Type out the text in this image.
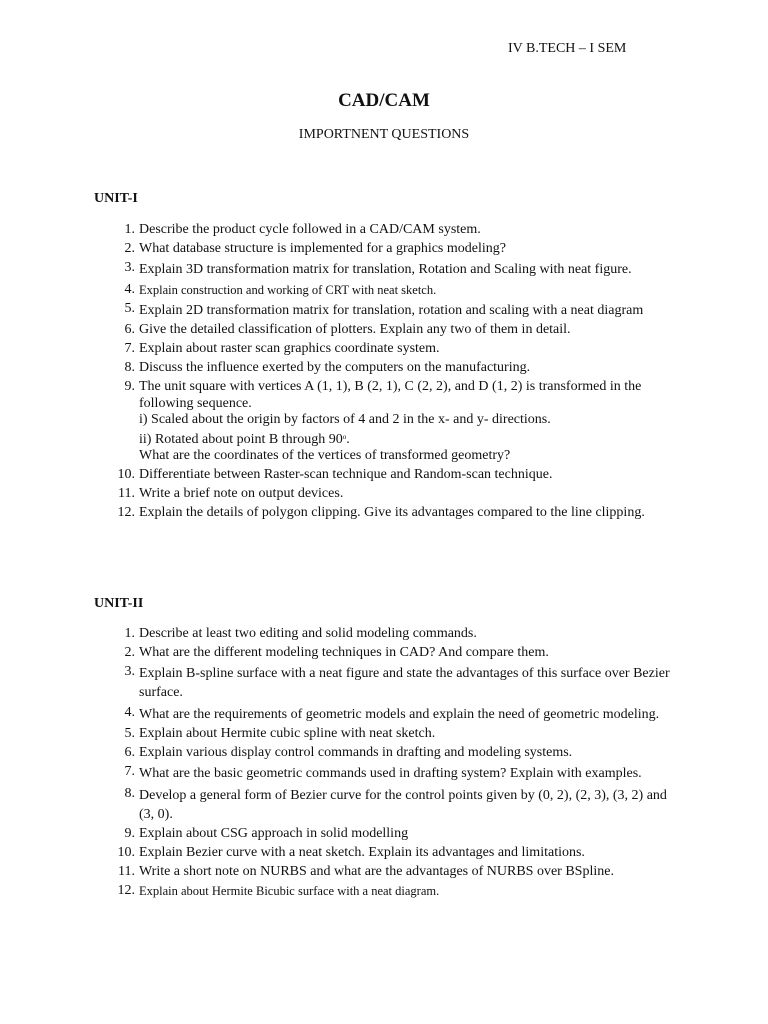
IV B.TECH – I SEM
CAD/CAM
IMPORTNENT QUESTIONS
UNIT-I
1. Describe the product cycle followed in a CAD/CAM system.
2. What database structure is implemented for a graphics modeling?
3. Explain 3D transformation matrix for translation, Rotation and Scaling with neat figure.
4. Explain construction and working of CRT with neat sketch.
5. Explain 2D transformation matrix for translation, rotation and scaling with a neat diagram
6. Give the detailed classification of plotters. Explain any two of them in detail.
7. Explain about raster scan graphics coordinate system.
8. Discuss the influence exerted by the computers on the manufacturing.
9. The unit square with vertices A (1, 1), B (2, 1), C (2, 2), and D (1, 2) is transformed in the following sequence.
i) Scaled about the origin by factors of 4 and 2 in the x- and y- directions.
ii) Rotated about point B through 90$^o$.
What are the coordinates of the vertices of transformed geometry?
10. Differentiate between Raster-scan technique and Random-scan technique.
11. Write a brief note on output devices.
12. Explain the details of polygon clipping. Give its advantages compared to the line clipping.
UNIT-II
1. Describe at least two editing and solid modeling commands.
2. What are the different modeling techniques in CAD? And compare them.
3. Explain B-spline surface with a neat figure and state the advantages of this surface over Bezier surface.
4. What are the requirements of geometric models and explain the need of geometric modeling.
5. Explain about Hermite cubic spline with neat sketch.
6. Explain various display control commands in drafting and modeling systems.
7. What are the basic geometric commands used in drafting system? Explain with examples.
8. Develop a general form of Bezier curve for the control points given by (0, 2), (2, 3), (3, 2) and (3, 0).
9. Explain about CSG approach in solid modelling
10. Explain Bezier curve with a neat sketch. Explain its advantages and limitations.
11. Write a short note on NURBS and what are the advantages of NURBS over BSpline.
12. Explain about Hermite Bicubic surface with a neat diagram.
